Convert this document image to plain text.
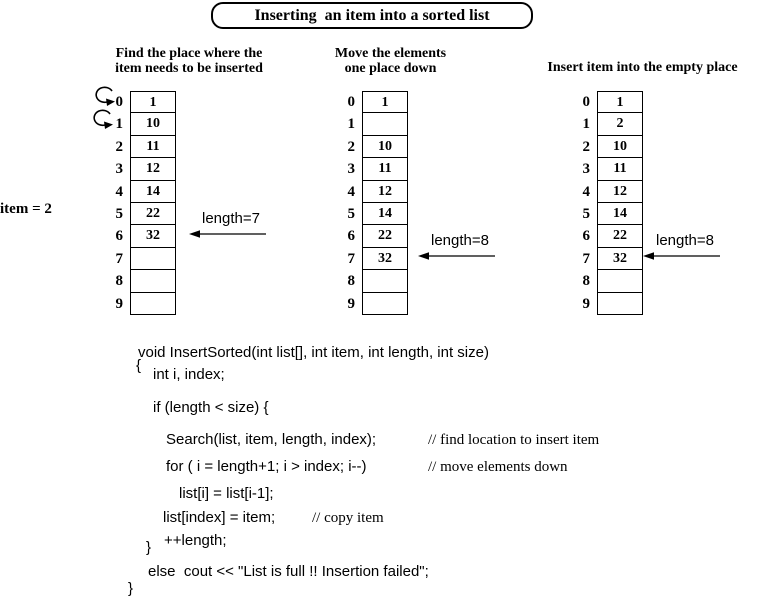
Inserting  an item into a sorted list
Find the place where the
item needs to be inserted
Move the elements
one place down	Insert item into the empty place
item = 2
0	1
1	10
2	11
3	12
4	14
5	22
6	32
7
8
9
0	1
1
2	10
3	11
4	12
5	14
6	22
7	32
8
9
0	1
1	2
2	10
3	11
4	12
5	14
6	22
7	32
8
9
length=7
length=8	length=8
void InsertSorted(int list[], int item, int length, int size)
{
int i, index;
if (length < size) {
Search(list, item, length, index);	// find location to insert item
for ( i = length+1; i > index; i--)	// move elements down
list[i] = list[i-1];
list[index] = item; // copy item
++length;
}
else  cout << "List is full !! Insertion failed";
}
